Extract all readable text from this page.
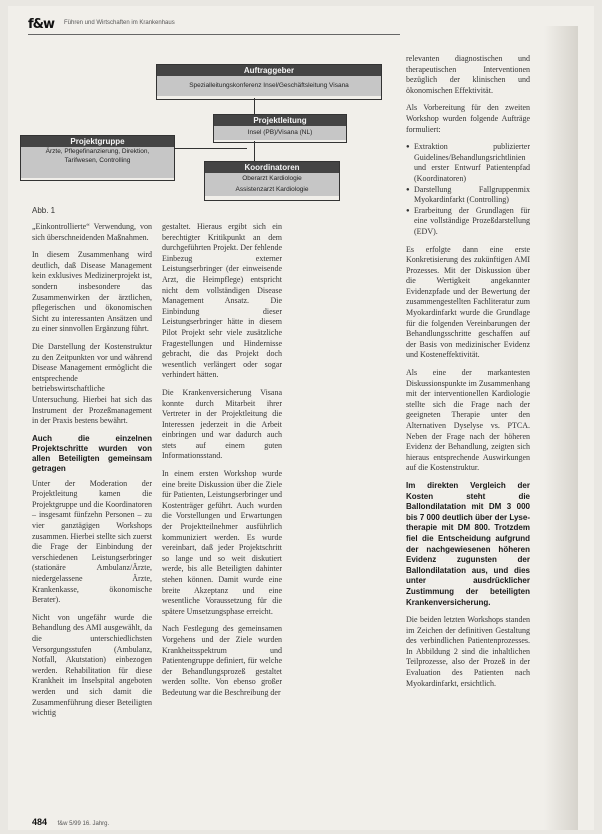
f&w Führen und Wirtschaften im Krankenhaus
Auftraggeber
Spezialleitungskonferenz Insel/Geschäftsleitung Visana
Projektleitung
Insel (PB)/Visana (NL)
Projektgruppe
Ärzte, Pflegefinanzierung, Direktion, Tarifwesen, Controlling
Koordinatoren
Oberarzt Kardiologie
Assistenzarzt Kardiologie
Abb. 1

„Einkontrollierte“ Verwendung, von sich überschneidenden Maßnahmen.

In diesem Zusammenhang wird deutlich, daß Disease Management kein exklusives Medizinerprojekt ist, sondern insbesondere das Zusammenwirken der ärztlichen, pflegerischen und ökonomischen Sicht zu interessanten Ansätzen und zu einer sinnvollen Ergänzung führt.

Die Darstellung der Kostenstruktur zu den Zeitpunkten vor und während Disease Management ermöglicht die entsprechende betriebswirtschaftliche Untersuchung. Hierbei hat sich das Instrument der Prozeßmanagement in der Praxis bestens bewährt.

Auch die einzelnen Projektschritte wurden von allen Beteiligten gemeinsam getragen

Unter der Moderation der Projektleitung kamen die Projektgruppe und die Koordinatoren – insgesamt fünfzehn Personen – zu vier ganztägigen Workshops zusammen. Hierbei stellte sich zuerst die Frage der Einbindung der verschiedenen Leistungserbringer (stationäre Ambulanz/Ärzte, niedergelassene Ärzte, Krankenkasse, ökonomische Berater).

Nicht von ungefähr wurde die Behandlung des AMI ausgewählt, da die unterschiedlichsten Versorgungsstufen (Ambulanz, Notfall, Akutstation) einbezogen werden. Rehabilitation für diese Krankheit im Inselspital angeboten werden und sich damit die Zusammenführung dieser Beteiligten wichtig

gestaltet. Hieraus ergibt sich ein berechtigter Kritikpunkt an dem durchgeführten Projekt. Der fehlende Einbezug externer Leistungserbringer (der einweisende Arzt, die Heimpflege) entspricht nicht dem vollständigen Disease Management Ansatz. Die Einbindung dieser Leistungserbringer hätte in diesem Pilot Projekt sehr viele zusätzliche Fragestellungen und Hindernisse gebracht, die das Projekt doch wesentlich verlängert oder sogar verhindert hätten.

Die Krankenversicherung Visana konnte durch Mitarbeit ihrer Vertreter in der Projektleitung die Interessen jederzeit in die Arbeit einbringen und war dadurch auch stets auf einem guten Informationsstand.

In einem ersten Workshop wurde eine breite Diskussion über die Ziele für Patienten, Leistungserbringer und Kostenträger geführt. Auch wurden die Vorstellungen und Erwartungen der Projektteilnehmer ausführlich kommuniziert werden. Es wurde vereinbart, daß jeder Projektschritt so lange und so weit diskutiert werde, bis alle Beteiligten dahinter stehen können. Damit wurde eine breite Akzeptanz und eine wesentliche Voraussetzung für die spätere Umsetzungsphase erreicht.

Nach Festlegung des gemeinsamen Vorgehens und der Ziele wurden Krankheitsspektrum und Patientengruppe definiert, für welche der Behandlungsprozeß gestaltet werden sollte. Von ebenso großer Bedeutung war die Beschreibung der

relevanten diagnostischen und therapeutischen Interventionen bezüglich der klinischen und ökonomischen Effektivität.

Als Vorbereitung für den zweiten Workshop wurden folgende Aufträge formuliert:

● Extraktion publizierter Guidelines/Behandlungsrichtlinien und erster Entwurf Patientenpfad (Koordinatoren)
● Darstellung Fallgruppenmix Myokardinfarkt (Controlling)
● Erarbeitung der Grundlagen für eine vollständige Prozeßdarstellung (EDV).

Es erfolgte dann eine erste Konkretisierung des zukünftigen AMI Prozesses. Mit der Diskussion über die Wertigkeit angekannter Evidenzpfade und der Bewertung der zusammengestellten Fachliteratur zum Myokardinfarkt wurde die Grundlage für die folgenden Vereinbarungen der Behandlungsschritte geschaffen auf der Basis von medizinischer Evidenz und Kosteneffektivität.

Als eine der markantesten Diskussionspunkte im Zusammenhang mit der interventionellen Kardiologie stellte sich die Frage nach der geeigneten Therapie unter den Alternativen Dyselyse vs. PTCA. Neben der Frage nach der höheren Evidenz der Behandlung, zeigten sich hieraus entsprechende Auswirkungen auf die Kostenstruktur.

Im direkten Vergleich der Kosten steht die Ballondilatation mit DM 3 000 bis 7 000 deutlich über der Lyse-therapie mit DM 800. Trotzdem fiel die Entscheidung aufgrund der nachgewiesenen höheren Evidenz zugunsten der Ballondilatation aus, und dies unter ausdrücklicher Zustimmung der beteiligten Krankenversicherung.

Die beiden letzten Workshops standen im Zeichen der definitiven Gestaltung des verbindlichen Patientenprozesses. In Abbildung 2 sind die inhaltlichen Teilprozesse, also der Prozeß in der Evaluation des Patienten nach Myokardinfarkt, ersichtlich.

484 f&w 5/99 16. Jahrg.
